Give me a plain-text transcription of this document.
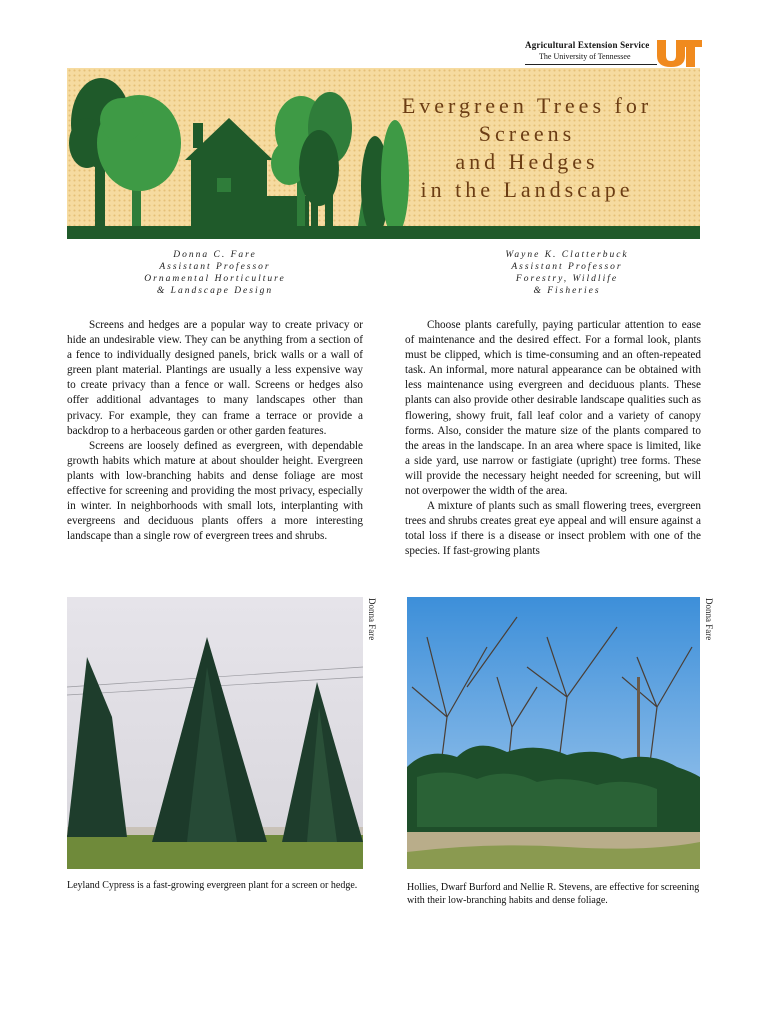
Agricultural Extension Service
The University of Tennessee
Evergreen Trees for Screens
and Hedges
in the Landscape
Donna C. Fare
Assistant Professor
Ornamental Horticulture
& Landscape Design
Wayne K. Clatterbuck
Assistant Professor
Forestry, Wildlife
& Fisheries

Screens and hedges are a popular way to create privacy or hide an undesirable view. They can be anything from a section of a fence to individually designed panels, brick walls or a wall of green plant material. Plantings are usually a less expensive way to create privacy than a fence or wall. Screens or hedges also offer additional advantages to many landscapes other than privacy. For example, they can frame a terrace or provide a backdrop to a herbaceous garden or other garden features.

Screens are loosely defined as evergreen, with dependable growth habits which mature at about shoulder height. Evergreen plants with low-branching habits and dense foliage are most effective for screening and providing the most privacy, especially in winter. In neighborhoods with small lots, interplanting with evergreens and deciduous plants offers a more interesting landscape than a single row of evergreen trees and shrubs.

Choose plants carefully, paying particular attention to ease of maintenance and the desired effect. For a formal look, plants must be clipped, which is time-consuming and an often-repeated task. An informal, more natural appearance can be obtained with less maintenance using evergreen and deciduous plants. These plants can also provide other desirable landscape qualities such as flowering, showy fruit, fall leaf color and a variety of canopy forms. Also, consider the mature size of the plants compared to the areas in the landscape. In an area where space is limited, like a side yard, use narrow or fastigiate (upright) tree forms. These will provide the necessary height needed for screening, but will not overpower the width of the area.

A mixture of plants such as small flowering trees, evergreen trees and shrubs creates great eye appeal and will ensure against a total loss if there is a disease or insect problem with one of the species. If fast-growing plants

Donna Fare
Leyland Cypress is a fast-growing evergreen plant for a screen or hedge.
Donna Fare
Hollies, Dwarf Burford and Nellie R. Stevens, are effective for screening with their low-branching habits and dense foliage.
